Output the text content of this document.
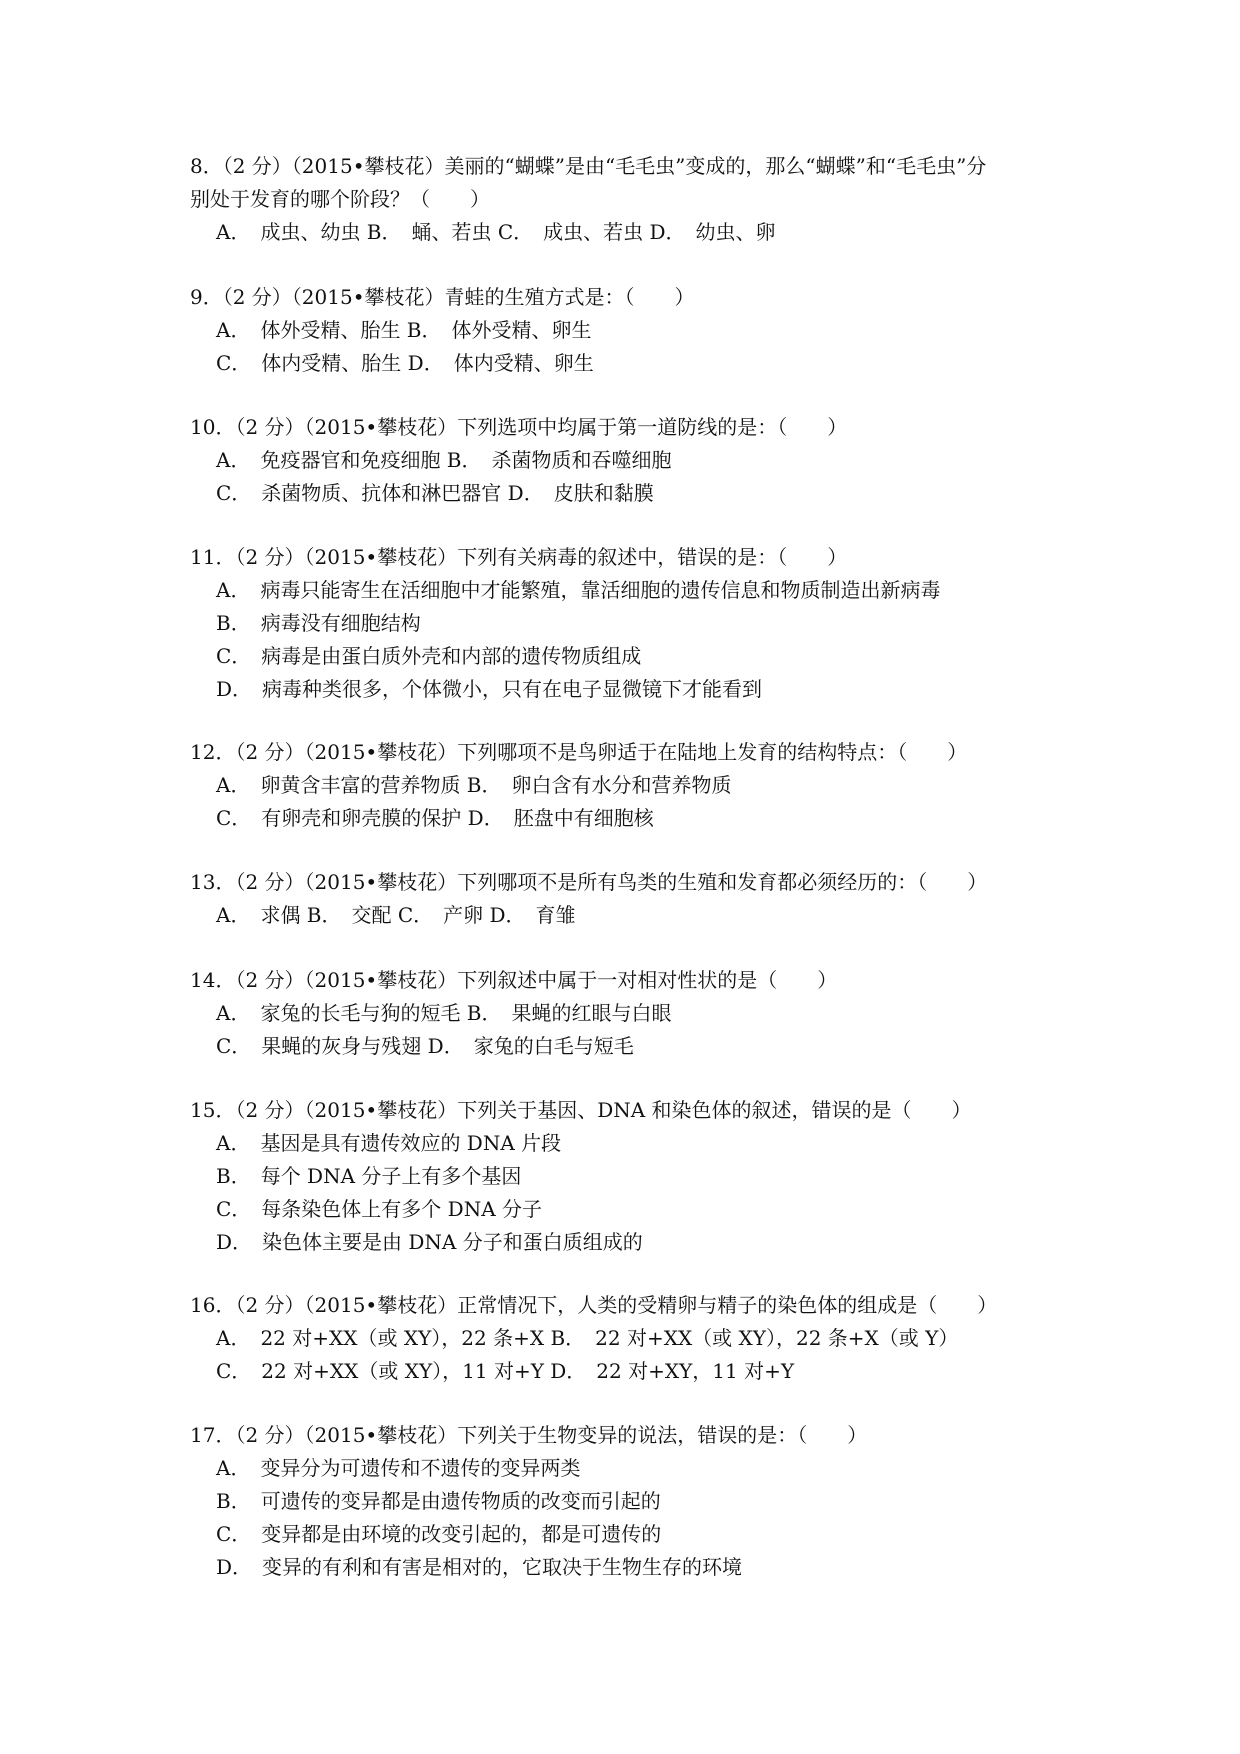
8．（2 分）（2015•攀枝花）美丽的“蝴蝶”是由“毛毛虫”变成的，那么“蝴蝶”和“毛毛虫”分
别处于发育的哪个阶段？（　　）
A．　成虫、幼虫 B．　蛹、若虫 C．　成虫、若虫 D．　幼虫、卵
9．（2 分）（2015•攀枝花）青蛙的生殖方式是：（　　）
A．　体外受精、胎生 B．　体外受精、卵生
C．　体内受精、胎生 D．　体内受精、卵生
10．（2 分）（2015•攀枝花）下列选项中均属于第一道防线的是：（　　）
A．　免疫器官和免疫细胞 B．　杀菌物质和吞噬细胞
C．　杀菌物质、抗体和淋巴器官 D．　皮肤和黏膜
11．（2 分）（2015•攀枝花）下列有关病毒的叙述中，错误的是：（　　）
A．　病毒只能寄生在活细胞中才能繁殖，靠活细胞的遗传信息和物质制造出新病毒
B．　病毒没有细胞结构
C．　病毒是由蛋白质外壳和内部的遗传物质组成
D．　病毒种类很多，个体微小，只有在电子显微镜下才能看到
12．（2 分）（2015•攀枝花）下列哪项不是鸟卵适于在陆地上发育的结构特点：（　　）
A．　卵黄含丰富的营养物质 B．　卵白含有水分和营养物质
C．　有卵壳和卵壳膜的保护 D．　胚盘中有细胞核
13．（2 分）（2015•攀枝花）下列哪项不是所有鸟类的生殖和发育都必须经历的：（　　）
A．　求偶 B．　交配 C．　产卵 D．　育雏
14．（2 分）（2015•攀枝花）下列叙述中属于一对相对性状的是（　　）
A．　家兔的长毛与狗的短毛 B．　果蝇的红眼与白眼
C．　果蝇的灰身与残翅 D．　家兔的白毛与短毛
15．（2 分）（2015•攀枝花）下列关于基因、DNA 和染色体的叙述，错误的是（　　）
A．　基因是具有遗传效应的 DNA 片段
B．　每个 DNA 分子上有多个基因
C．　每条染色体上有多个 DNA 分子
D．　染色体主要是由 DNA 分子和蛋白质组成的
16．（2 分）（2015•攀枝花）正常情况下，人类的受精卵与精子的染色体的组成是（　　）
A．　22 对+XX（或 XY），22 条+X B．　22 对+XX（或 XY），22 条+X（或 Y）
C．　22 对+XX（或 XY），11 对+Y D．　22 对+XY，11 对+Y
17．（2 分）（2015•攀枝花）下列关于生物变异的说法，错误的是：（　　）
A．　变异分为可遗传和不遗传的变异两类
B．　可遗传的变异都是由遗传物质的改变而引起的
C．　变异都是由环境的改变引起的，都是可遗传的
D．　变异的有利和有害是相对的，它取决于生物生存的环境
